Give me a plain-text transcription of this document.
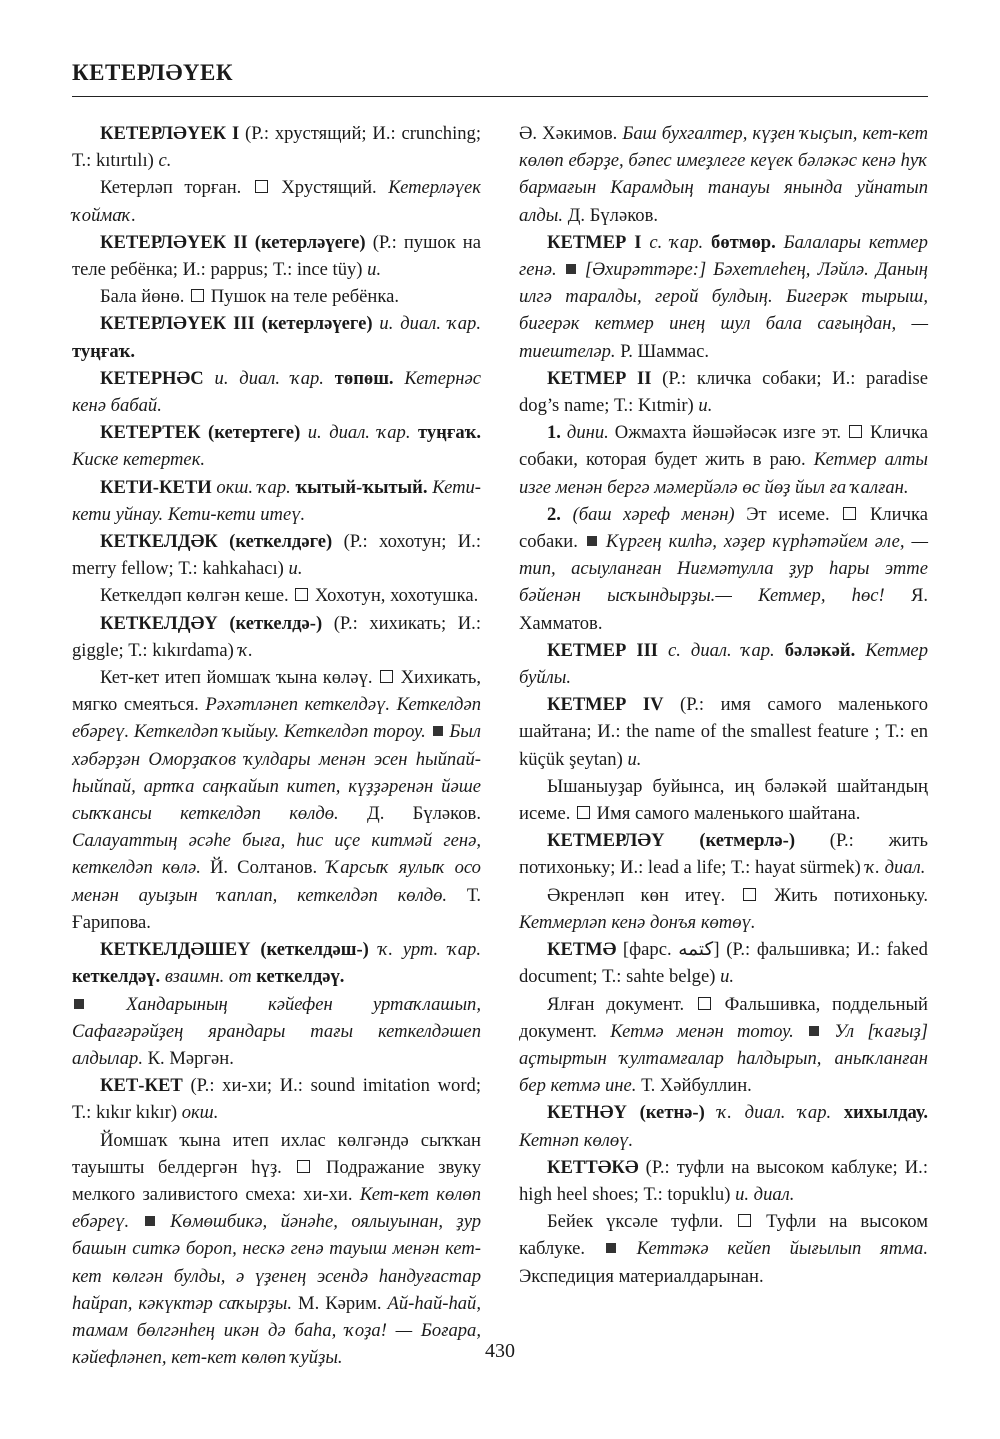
КЕТЕРЛӘҮЕК

КЕТЕРЛӘҮЕК I (Р.: хрустящий; И.: crunching; Т.: kıtırtılı) с.

Кетерләп торған.  Хрустящий. Кетерләүек ҡоймаҡ.

КЕТЕРЛӘҮЕК II (кетерләүеге) (Р.: пушок на теле ребёнка; И.: pappus; Т.: ince tüy) и.

Бала йөнө.  Пушок на теле ребёнка.

КЕТЕРЛӘҮЕК III (кетерләүеге) и. диал. ҡар. туңғаҡ.

КЕТЕРНӘС и. диал. ҡар. төпөш. Кетернәс кенә бабай.

КЕТЕРТЕК (кетертеге) и. диал. ҡар. туңғаҡ. Киске кетертек.

КЕТИ-КЕТИ окш. ҡар. ҡытый-ҡытый. Кети-кети уйнау. Кети-кети итеү.

КЕТКЕЛДӘК (кеткелдәге) (Р.: хохотун; И.: merry fellow; Т.: kahkahacı) и.

Кеткелдәп көлгән кеше.  Хохотун, хохотушка.

КЕТКЕЛДӘҮ (кеткелдә-) (Р.: хихикать; И.: giggle; Т.: kıkırdama) ҡ.

Кет-кет итеп йомшаҡ ҡына көләү.  Хихикать, мягко смеяться. Рәхәтләнеп кеткелдәү. Кеткелдәп ебәреү. Кеткелдәп ҡыйыу. Кеткелдәп тороу.  Был хәбәрҙән Оморҙаҡов ҡулдары менән эсен һыйпай-һыйпай, артҡа саңҡайып китеп, күҙҙәренән йәше сыҡҡансы кеткелдәп көлдө. Д. Бүләков. Салауаттың әсәһе быға, һис иҫе китмәй генә, кеткелдәп көлә. Й. Солтанов. Ҡарсыҡ яулыҡ осо менән ауыҙын ҡаплап, кеткелдәп көлдө. Т. Ғарипова.

КЕТКЕЛДӘШЕҮ (кеткелдәш-) ҡ. урт. ҡар. кеткелдәү. взаимн. от кеткелдәү.

Хандарының кәйефен уртаҡлашып, Сафағәрәйҙең ярандары тағы кеткелдәшеп алдылар. К. Мәргән.

КЕТ-КЕТ (Р.: хи-хи; И.: sound imitation word; Т.: kıkır kıkır) окш.

Йомшаҡ ҡына итеп ихлас көлгәндә сыҡҡан тауышты белдергән һүҙ.  Подражание звуку мелкого заливистого смеха: хи-хи. Кет-кет көлөп ебәреү.  Көмөшбикә, йәнәһе, оялыуынан, ҙур башын ситкә бороп, нескә генә тауыш менән кет-кет көлгән булды, ә үҙенең эсендә һандуғастар һайрап, кәкүктәр саҡырҙы. М. Кәрим. Ай-һай-һай, тамам бөлгәнһең икән дә баһа, ҡоҙа! — Боғара, кәйефләнеп, кет-кет көлөп ҡуйҙы.

Ә. Хәкимов. Баш бухгалтер, күҙен ҡыҫып, кет-кет көлөп ебәрҙе, бәпес имеҙлеге кеүек бәләкәс кенә һуҡ бармағын Карамдың танауы янында уйнатып алды. Д. Бүләков.

КЕТМЕР I с. ҡар. бөтмөр. Балалары кетмер генә.  [Әхирәттәре:] Бәхетлеһең, Ләйлә. Даның илгә таралды, герой булдың. Бигерәк тырыш, бигерәк кетмер инең шул бала сағыңдан, — тиештеләр. Р. Шаммас.

КЕТМЕР II (Р.: кличка собаки; И.: paradise dog’s name; Т.: Kıtmir) и.

1. дини. Ожмахта йәшәйәсәк изге эт.  Кличка собаки, которая будет жить в раю. Кетмер алты изге менән бергә мәмерйәлә өс йөҙ йыл ға ҡалған.

2. (баш хәреф менән) Эт исеме.  Кличка собаки.  Күргең килһә, хәҙер күрһәтәйем әле, — тип, асыуланған Ниғмәтулла ҙур һары этте бәйенән ысҡындырҙы.— Кетмер, һөс! Я. Хамматов.

КЕТМЕР III с. диал. ҡар. бәләкәй. Кетмер буйлы.

КЕТМЕР IV (Р.: имя самого маленького шайтана; И.: the name of the smallest feature ; Т.: en küçük şeytan) и.

Ышаныуҙар буйынса, иң бәләкәй шайтандың исеме.  Имя самого маленького шайтана.

КЕТМЕРЛӘҮ (кетмерлә-) (Р.: жить потихоньку; И.: lead a life; Т.: hayat sürmek) ҡ. диал.

Әкренләп көн итеү.  Жить потихоньку. Кетмерләп кенә донъя көтөү.

КЕТМӘ [фарс. كتمه] (Р.: фальшивка; И.: faked document; Т.: sahte belge) и.

Ялған документ.  Фальшивка, поддельный документ. Кетмә менән тотоу.  Ул [ҡағыҙ] аҫтыртын ҡултамғалар һалдырып, аныҡланған бер кетмә ине. Т. Хәйбуллин.

КЕТНӘҮ (кетнә-) ҡ. диал. ҡар. хихылдау. Кетнәп көлөү.

КЕТТӘКӘ (Р.: туфли на высоком каблуке; И.: high heel shoes; Т.: topuklu) и. диал.

Бейек үксәле туфли.  Туфли на высоком каблуке.  Кеттәкә кейеп йығылып ятма. Экспедиция материалдарынан.

430
